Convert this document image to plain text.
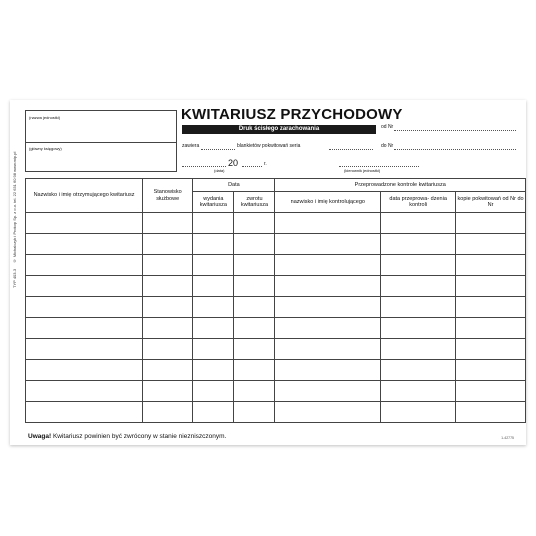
TYP 403-3     © Michalczyk i Prokop Sp. z o.o. tel. 22 631 60 98 www.mip.pl
(nazwa jednostki)
(główny księgowy)
KWITARIUSZ PRZYCHODOWY
Druk ścisłego zarachowania	od Nr
zawiera	blankietów pokwitowań seria	do Nr
20	r.
(data)	(kierownik jednostki)
Nazwisko i imię otrzymującego kwitariusz	Stanowisko służbowe	Data		Przeprowadzone kontrole kwitariusza		
		wydania kwitariusza	zwrotu kwitariusza	nazwisko i imię kontrolującego	data przeprowa- dzenia kontroli	kopie pokwitowań od Nr do Nr

Uwaga! Kwitariusz powinien być zwrócony w stanie niezniszczonym.	1-42775
